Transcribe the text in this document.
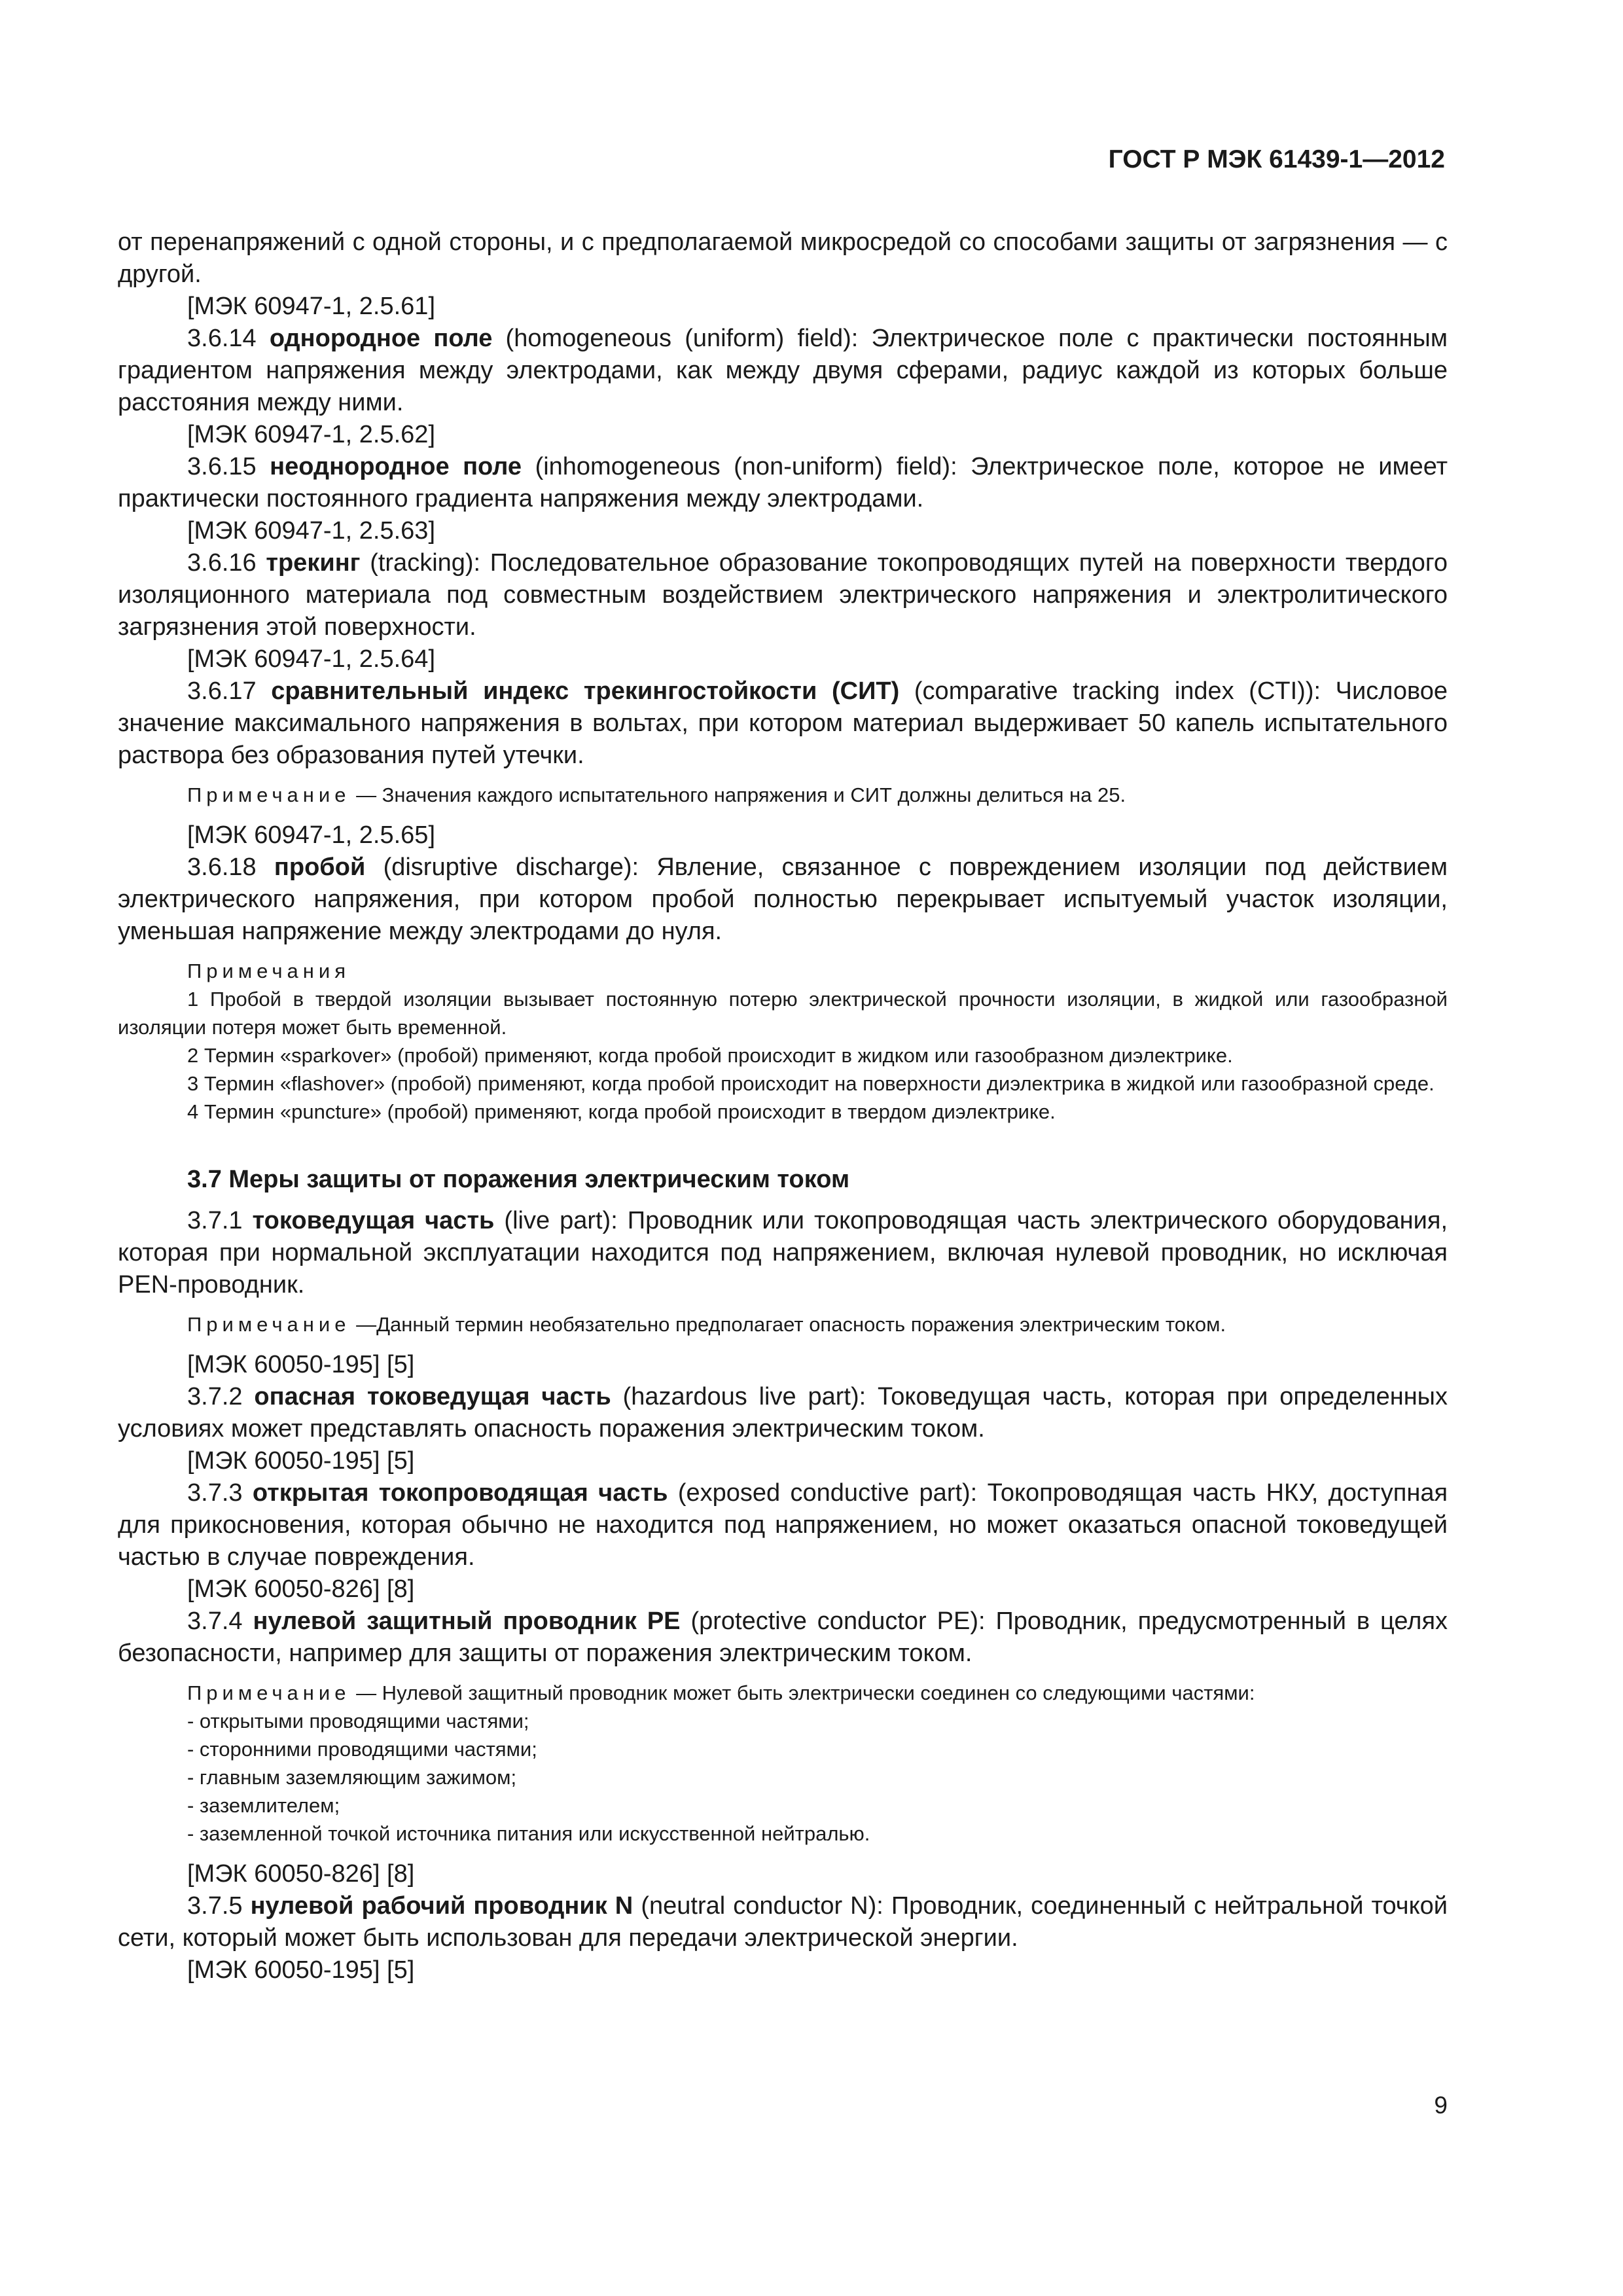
ГОСТ Р МЭК 61439-1—2012

от перенапряжений с одной стороны, и с предполагаемой микросредой со способами защиты от загрязнения — с другой.

[МЭК 60947-1, 2.5.61]

3.6.14 однородное поле (homogeneous (uniform) field): Электрическое поле с практически постоянным градиентом напряжения между электродами, как между двумя сферами, радиус каждой из которых больше расстояния между ними.

[МЭК 60947-1, 2.5.62]

3.6.15 неоднородное поле (inhomogeneous (non-uniform) field): Электрическое поле, которое не имеет практически постоянного градиента напряжения между электродами.

[МЭК 60947-1, 2.5.63]

3.6.16 трекинг (tracking): Последовательное образование токопроводящих путей на поверхности твердого изоляционного материала под совместным воздействием электрического напряжения и электролитического загрязнения этой поверхности.

[МЭК 60947-1, 2.5.64]

3.6.17 сравнительный индекс трекингостойкости (СИТ) (comparative tracking index (CTI)): Числовое значение максимального напряжения в вольтах, при котором материал выдерживает 50 капель испытательного раствора без образования путей утечки.

Примечание — Значения каждого испытательного напряжения и СИТ должны делиться на 25.

[МЭК 60947-1, 2.5.65]

3.6.18 пробой (disruptive discharge): Явление, связанное с повреждением изоляции под действием электрического напряжения, при котором пробой полностью перекрывает испытуемый участок изоляции, уменьшая напряжение между электродами до нуля.

Примечания

1 Пробой в твердой изоляции вызывает постоянную потерю электрической прочности изоляции, в жидкой или газообразной изоляции потеря может быть временной.

2 Термин «sparkover» (пробой) применяют, когда пробой происходит в жидком или газообразном диэлектрике.

3 Термин «flashover» (пробой) применяют, когда пробой происходит на поверхности диэлектрика в жидкой или газообразной среде.

4 Термин «puncture» (пробой) применяют, когда пробой происходит в твердом диэлектрике.

3.7 Меры защиты от поражения электрическим током

3.7.1 токоведущая часть (live part): Проводник или токопроводящая часть электрического оборудования, которая при нормальной эксплуатации находится под напряжением, включая нулевой проводник, но исключая PEN-проводник.

Примечание —Данный термин необязательно предполагает опасность поражения электрическим током.

[МЭК 60050-195] [5]

3.7.2 опасная токоведущая часть (hazardous live part): Токоведущая часть, которая при определенных условиях может представлять опасность поражения электрическим током.

[МЭК 60050-195] [5]

3.7.3 открытая токопроводящая часть (exposed conductive part): Токопроводящая часть НКУ, доступная для прикосновения, которая обычно не находится под напряжением, но может оказаться опасной токоведущей частью в случае повреждения.

[МЭК 60050-826] [8]

3.7.4 нулевой защитный проводник PE (protective conductor PE): Проводник, предусмотренный в целях безопасности, например для защиты от поражения электрическим током.

Примечание — Нулевой защитный проводник может быть электрически соединен со следующими частями:

- открытыми проводящими частями;

- сторонними проводящими частями;

- главным заземляющим зажимом;

- заземлителем;

- заземленной точкой источника питания или искусственной нейтралью.

[МЭК 60050-826] [8]

3.7.5 нулевой рабочий проводник N (neutral conductor N): Проводник, соединенный с нейтральной точкой сети, который может быть использован для передачи электрической энергии.

[МЭК 60050-195] [5]

9
